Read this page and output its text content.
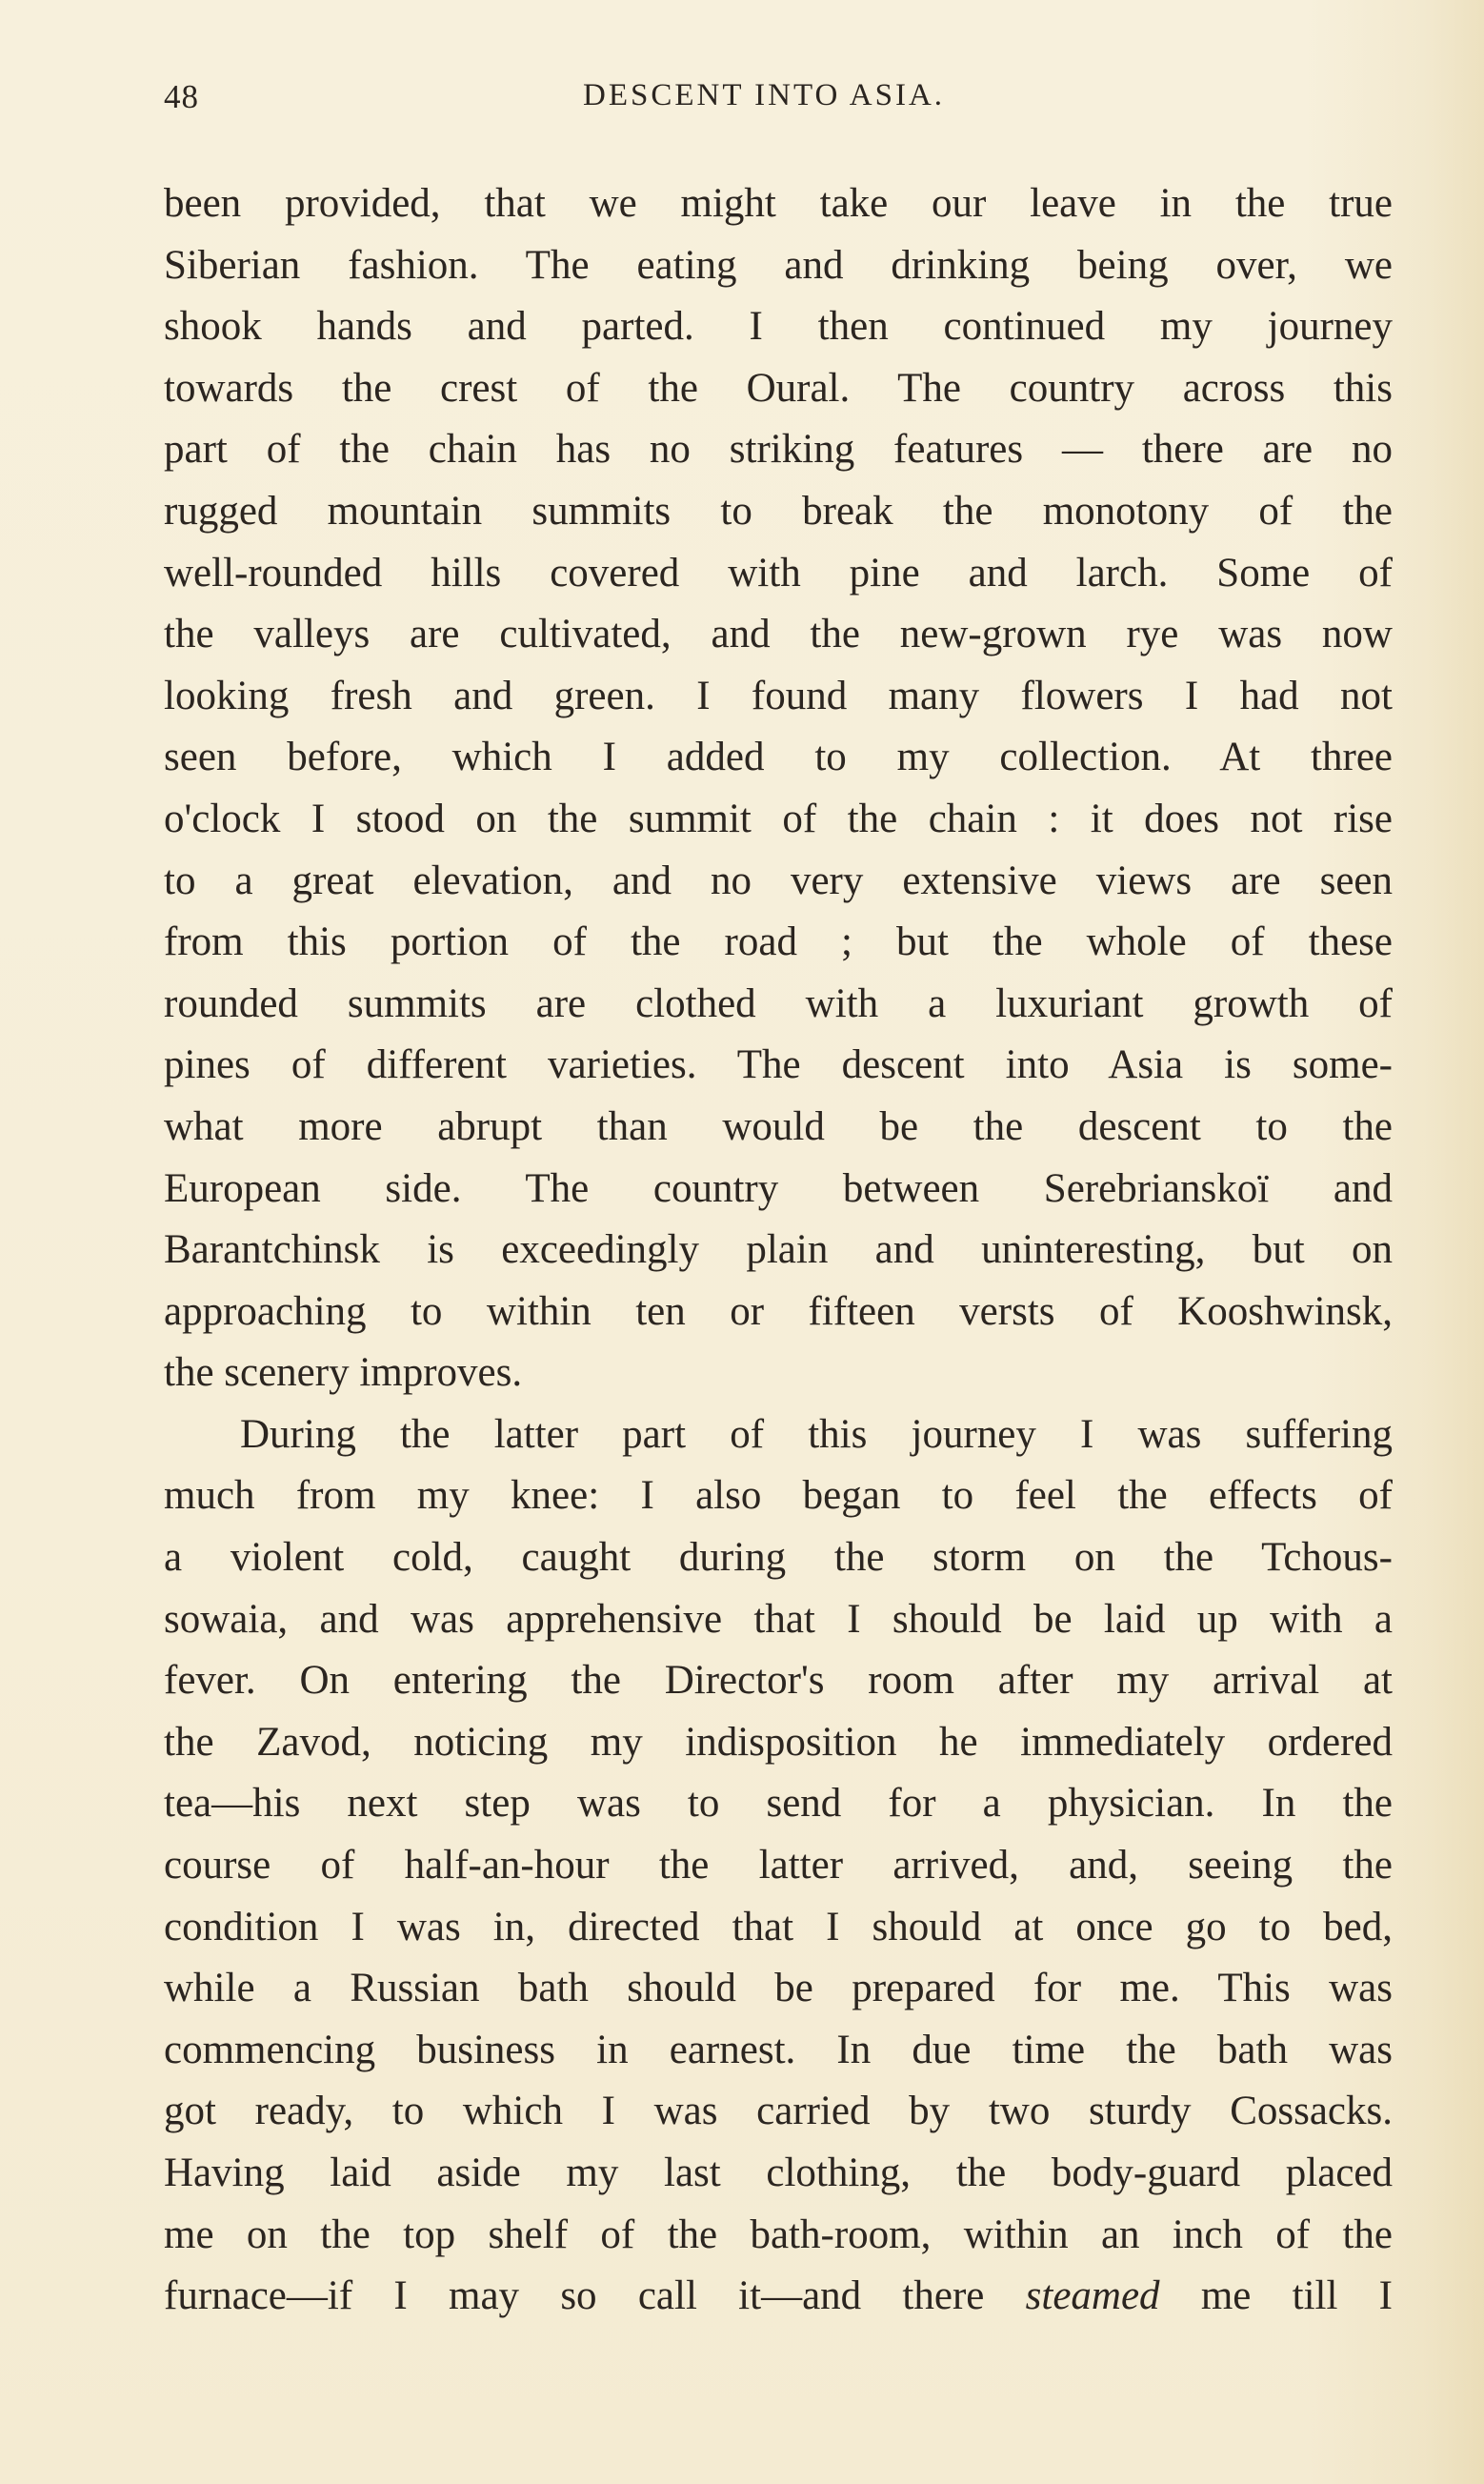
48	DESCENT INTO ASIA.
been provided, that we might take our leave in the true
Siberian fashion. The eating and drinking being over, we
shook hands and parted. I then continued my journey
towards the crest of the Oural. The country across this
part of the chain has no striking features — there are no
rugged mountain summits to break the monotony of the
well-rounded hills covered with pine and larch. Some of
the valleys are cultivated, and the new-grown rye was now
looking fresh and green. I found many flowers I had not
seen before, which I added to my collection. At three
o'clock I stood on the summit of the chain : it does not rise
to a great elevation, and no very extensive views are seen
from this portion of the road ; but the whole of these
rounded summits are clothed with a luxuriant growth of
pines of different varieties. The descent into Asia is some-
what more abrupt than would be the descent to the
European side. The country between Serebrianskoï and
Barantchinsk is exceedingly plain and uninteresting, but on
approaching to within ten or fifteen versts of Kooshwinsk,
the scenery improves.
During the latter part of this journey I was suffering
much from my knee: I also began to feel the effects of
a violent cold, caught during the storm on the Tchous-
sowaia, and was apprehensive that I should be laid up with a
fever. On entering the Director's room after my arrival at
the Zavod, noticing my indisposition he immediately ordered
tea—his next step was to send for a physician. In the
course of half-an-hour the latter arrived, and, seeing the
condition I was in, directed that I should at once go to bed,
while a Russian bath should be prepared for me. This was
commencing business in earnest. In due time the bath was
got ready, to which I was carried by two sturdy Cossacks.
Having laid aside my last clothing, the body-guard placed
me on the top shelf of the bath-room, within an inch of the
furnace—if I may so call it—and there steamed me till I
